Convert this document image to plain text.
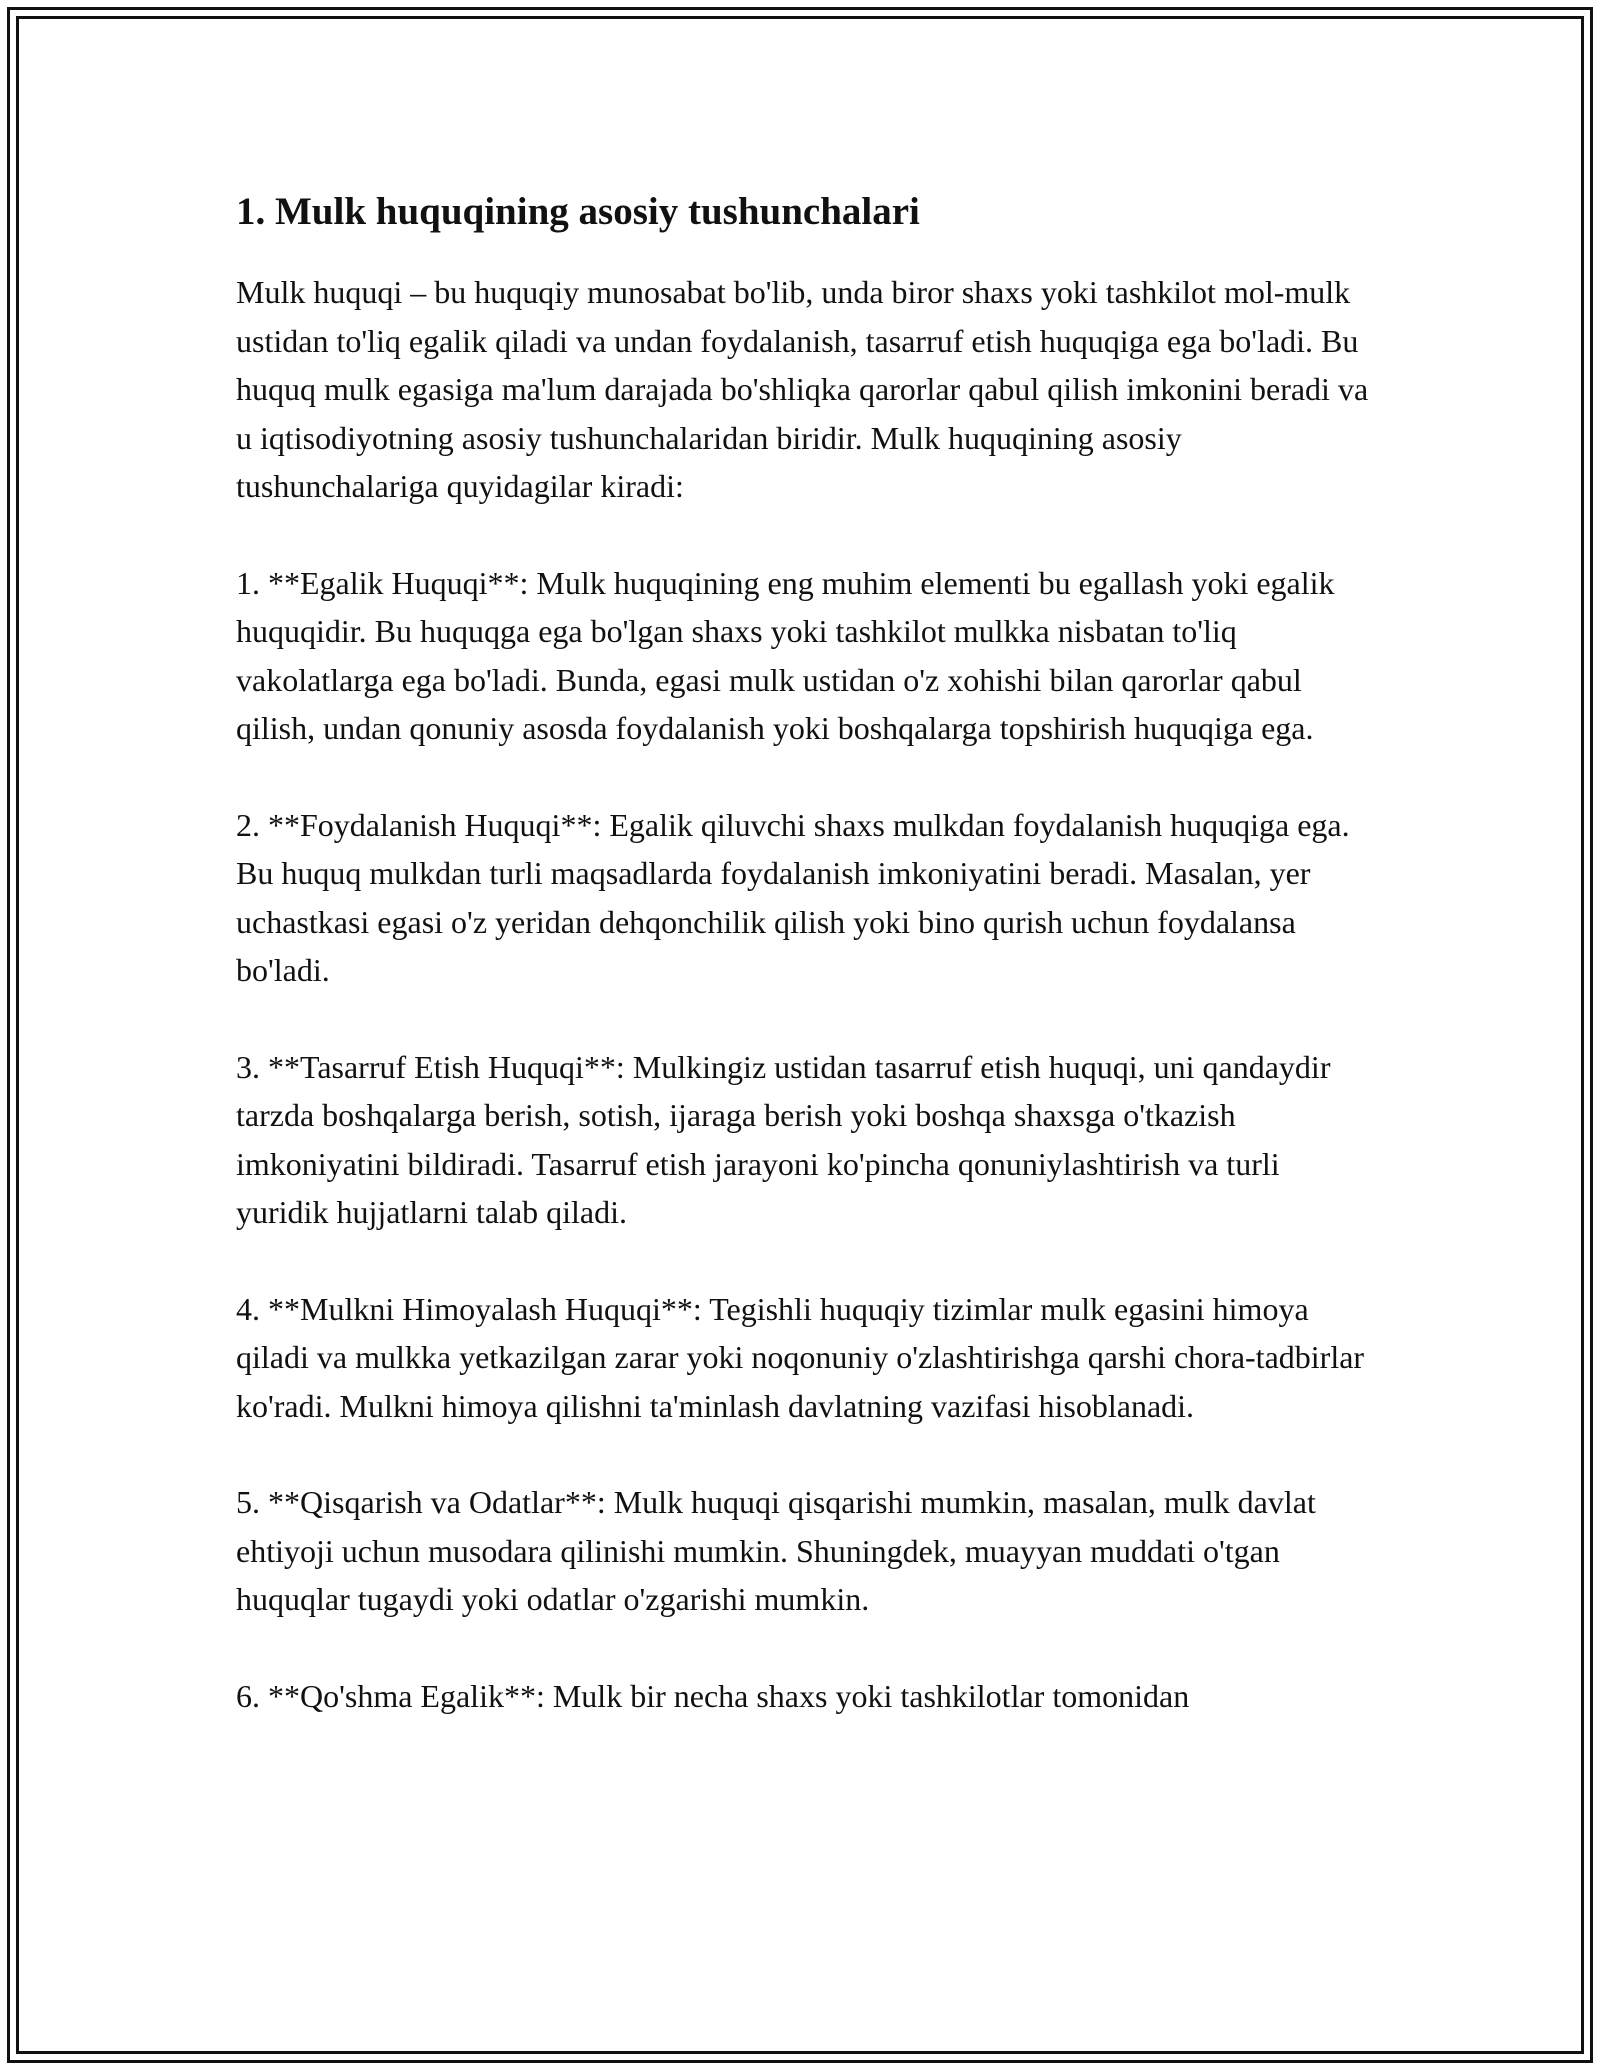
1. Mulk huquqining asosiy tushunchalari

Mulk huquqi – bu huquqiy munosabat bo'lib, unda biror shaxs yoki tashkilot mol-mulk ustidan to'liq egalik qiladi va undan foydalanish, tasarruf etish huquqiga ega bo'ladi. Bu huquq mulk egasiga ma'lum darajada bo'shliqka qarorlar qabul qilish imkonini beradi va u iqtisodiyotning asosiy tushunchalaridan biridir. Mulk huquqining asosiy tushunchalariga quyidagilar kiradi:

1. **Egalik Huquqi**: Mulk huquqining eng muhim elementi bu egallash yoki egalik huquqidir. Bu huquqga ega bo'lgan shaxs yoki tashkilot mulkka nisbatan to'liq vakolatlarga ega bo'ladi. Bunda, egasi mulk ustidan o'z xohishi bilan qarorlar qabul qilish, undan qonuniy asosda foydalanish yoki boshqalarga topshirish huquqiga ega.

2. **Foydalanish Huquqi**: Egalik qiluvchi shaxs mulkdan foydalanish huquqiga ega. Bu huquq mulkdan turli maqsadlarda foydalanish imkoniyatini beradi. Masalan, yer uchastkasi egasi o'z yeridan dehqonchilik qilish yoki bino qurish uchun foydalansa bo'ladi.

3. **Tasarruf Etish Huquqi**: Mulkingiz ustidan tasarruf etish huquqi, uni qandaydir tarzda boshqalarga berish, sotish, ijaraga berish yoki boshqa shaxsga o'tkazish imkoniyatini bildiradi. Tasarruf etish jarayoni ko'pincha qonuniylashtirish va turli yuridik hujjatlarni talab qiladi.

4. **Mulkni Himoyalash Huquqi**: Tegishli huquqiy tizimlar mulk egasini himoya qiladi va mulkka yetkazilgan zarar yoki noqonuniy o'zlashtirishga qarshi chora-tadbirlar ko'radi. Mulkni himoya qilishni ta'minlash davlatning vazifasi hisoblanadi.

5. **Qisqarish va Odatlar**: Mulk huquqi qisqarishi mumkin, masalan, mulk davlat ehtiyoji uchun musodara qilinishi mumkin. Shuningdek, muayyan muddati o'tgan huquqlar tugaydi yoki odatlar o'zgarishi mumkin.

6. **Qo'shma Egalik**: Mulk bir necha shaxs yoki tashkilotlar tomonidan
